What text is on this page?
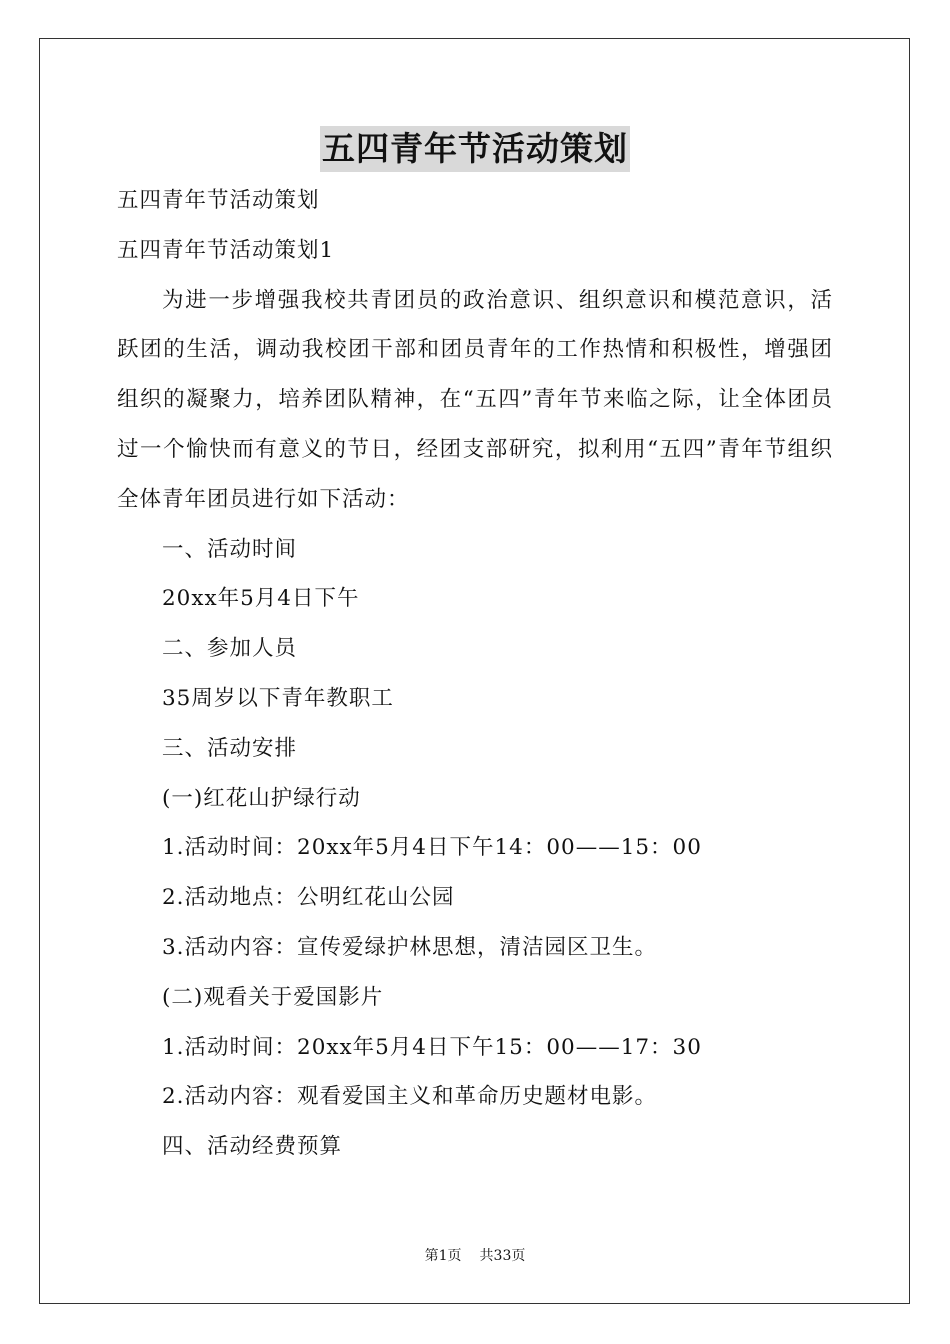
五四青年节活动策划
五四青年节活动策划
五四青年节活动策划1
为进一步增强我校共青团员的政治意识、组织意识和模范意识，活跃团的生活，调动我校团干部和团员青年的工作热情和积极性，增强团组织的凝聚力，培养团队精神，在“五四”青年节来临之际，让全体团员过一个愉快而有意义的节日，经团支部研究，拟利用“五四”青年节组织全体青年团员进行如下活动：
一、活动时间
20xx年5月4日下午
二、参加人员
35周岁以下青年教职工
三、活动安排
(一)红花山护绿行动
1.活动时间：20xx年5月4日下午14：00——15：00
2.活动地点：公明红花山公园
3.活动内容：宣传爱绿护林思想，清洁园区卫生。
(二)观看关于爱国影片
1.活动时间：20xx年5月4日下午15：00——17：30
2.活动内容：观看爱国主义和革命历史题材电影。
四、活动经费预算
第1页 共33页
